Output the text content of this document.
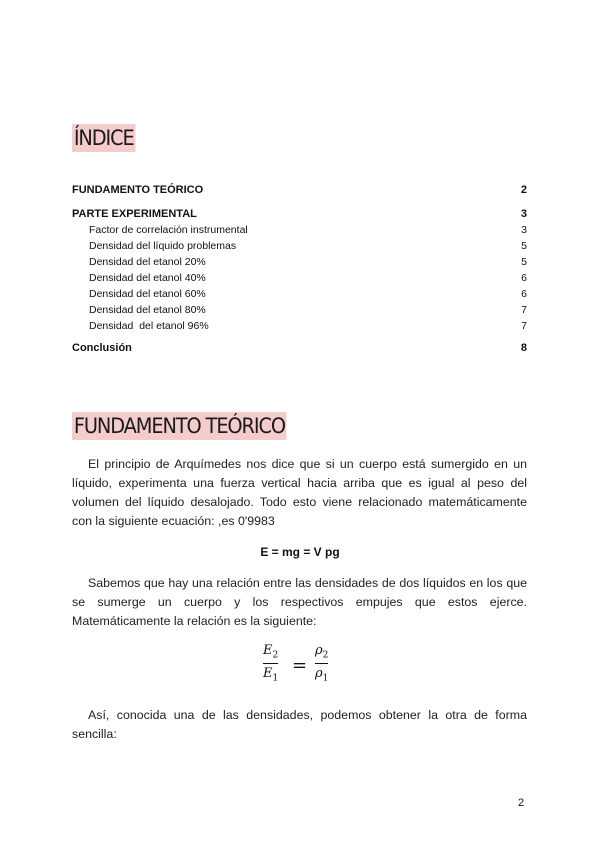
ÍNDICE
FUNDAMENTO TEÓRICO	2
PARTE EXPERIMENTAL	3
Factor de correlación instrumental	3
Densidad del líquido problemas	5
Densidad del etanol 20%	5
Densidad del etanol 40%	6
Densidad del etanol 60%	6
Densidad del etanol 80%	7
Densidad  del etanol 96%	7
Conclusión	8
FUNDAMENTO TEÓRICO
El principio de Arquímedes nos dice que si un cuerpo está sumergido en un líquido, experimenta una fuerza vertical hacia arriba que es igual al peso del volumen del líquido desalojado. Todo esto viene relacionado matemáticamente con la siguiente ecuación: ,es 0'9983
E = mg = V pg
Sabemos que hay una relación entre las densidades de dos líquidos en los que se sumerge un cuerpo y los respectivos empujes que estos ejerce. Matemáticamente la relación es la siguiente:
$E_2$
$E_1$
=
$\rho_2$
$\rho_1$
Así, conocida una de las densidades, podemos obtener la otra de forma sencilla:
2
